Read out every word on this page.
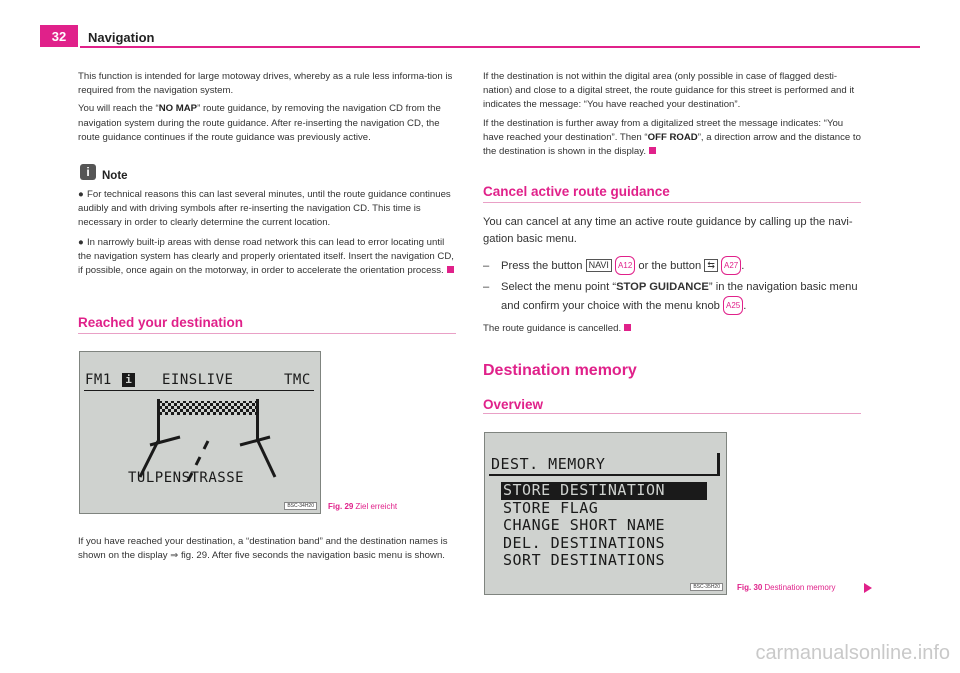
32	Navigation

This function is intended for large motoway drives, whereby as a rule less informa-tion is required from the navigation system.

You will reach the “NO MAP” route guidance, by removing the navigation CD from the navigation system during the route guidance. After re-inserting the navigation CD, the route guidance continues if the route guidance was previously active.

i	Note
● For technical reasons this can last several minutes, until the route guidance continues audibly and with driving symbols after re-inserting the navigation CD. This time is necessary in order to clearly determine the current location.
● In narrowly built-ip areas with dense road network this can lead to error locating until the navigation system has clearly and properly orientated itself. Insert the navigation CD, if possible, once again on the motorway, in order to accelerate the orientation process.
Reached your destination
FM1 i EINSLIVE	TMC
TULPENSTRASSE
BSC-34H20	Fig. 29 Ziel erreicht

If you have reached your destination, a “destination band” and the destination names is shown on the display ⇒ fig. 29. After five seconds the navigation basic menu is shown.

If the destination is not within the digital area (only possible in case of flagged desti-nation) and close to a digital street, the route guidance for this street is performed and it indicates the message: “You have reached your destination”.

If the destination is further away from a digitalized street the message indicates: “You have reached your destination”. Then “OFF ROAD”, a direction arrow and the distance to the destination is shown in the display.

Cancel active route guidance
You can cancel at any time an active route guidance by calling up the navi-gation basic menu.
– Press the button NAVI A12 or the button ⇆ A27 .
–	Select the menu point “STOP GUIDANCE” in the navigation basic menu and confirm your choice with the menu knob A25 .
The route guidance is cancelled.
Destination memory
Overview
DEST. MEMORY
STORE DESTINATION
STORE FLAG
CHANGE SHORT NAME
DEL. DESTINATIONS
SORT DESTINATIONS
BSC-35H20	Fig. 30 Destination memory
carmanualsonline.info
